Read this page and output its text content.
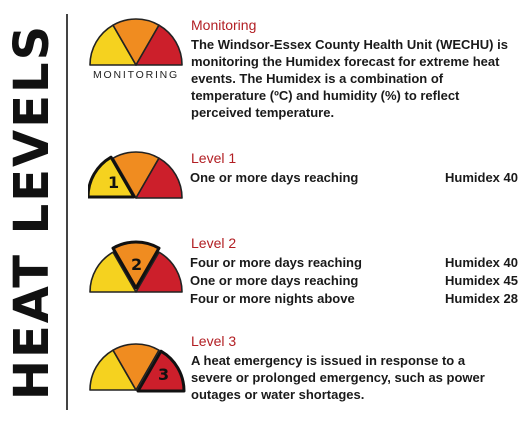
HEAT LEVELS	MONITORING
Monitoring
The Windsor-Essex County Health Unit (WECHU) is monitoring the Humidex forecast for extreme heat events. The Humidex is a combination of temperature (ºC) and humidity (%) to reflect perceived temperature.
1
Level 1
One or more days reaching	Humidex 40
2
Level 2
Four or more days reaching	Humidex 40
One or more days reaching	Humidex 45
Four or more nights above	Humidex 28
3
Level 3
A heat emergency is issued in response to a severe or prolonged emergency, such as power outages or water shortages.
